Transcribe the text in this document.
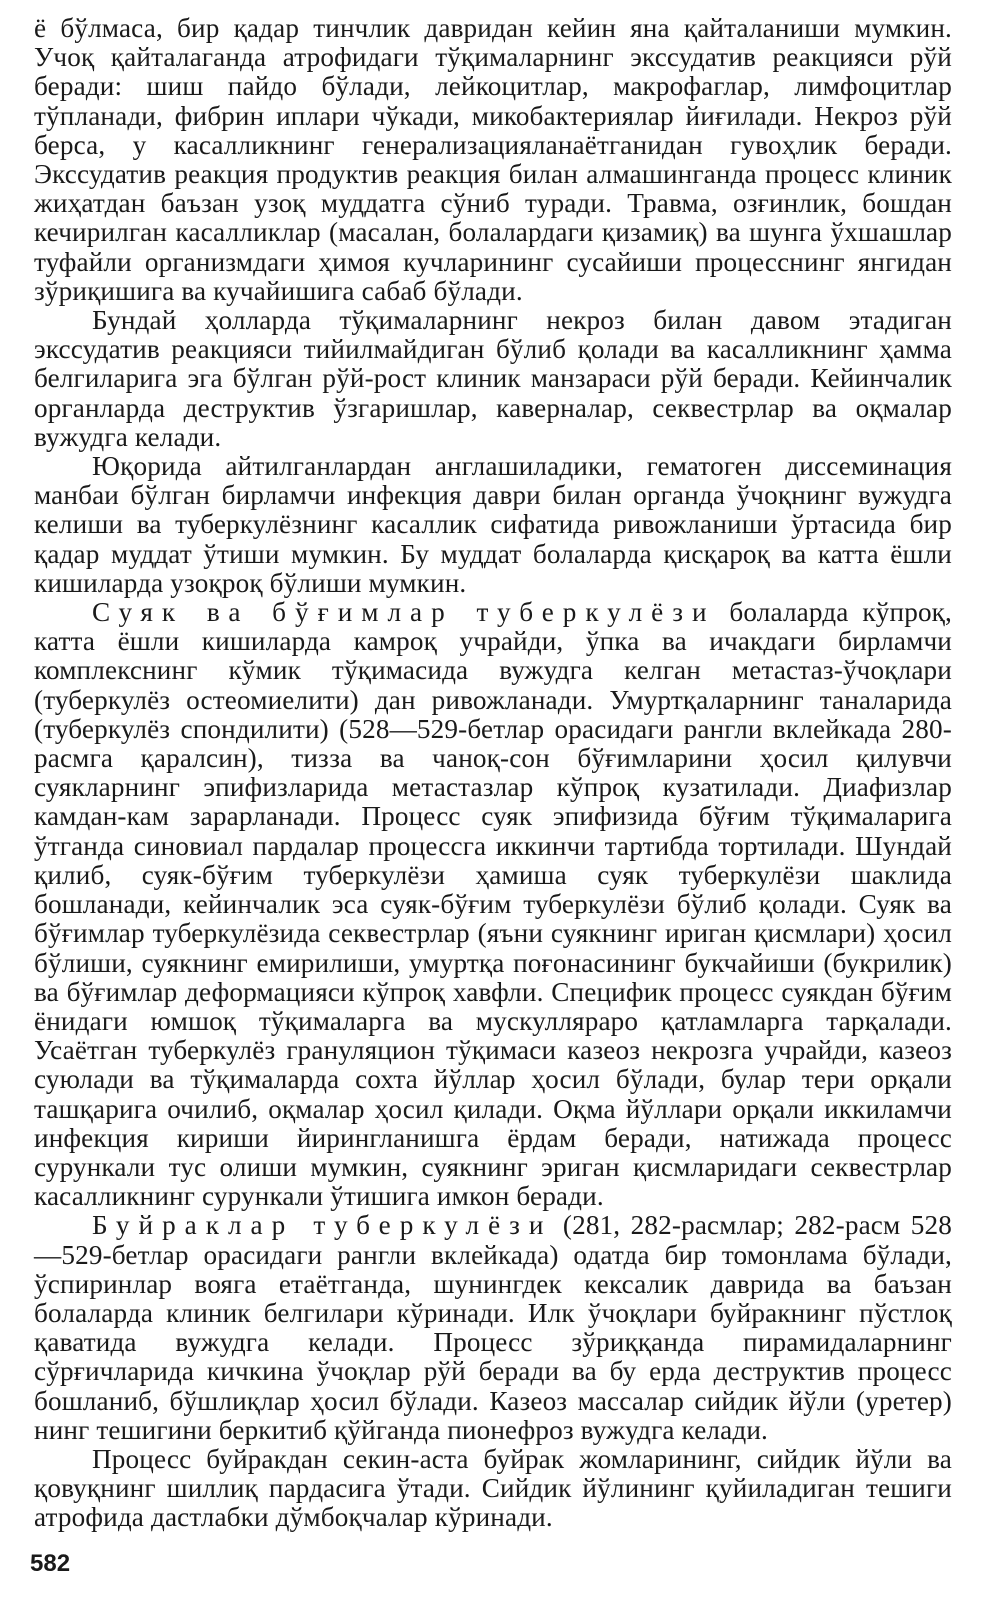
ё бўлмаса, бир қадар тинчлик давридан кейин яна қайталаниши мумкин. Учоқ қайталаганда атрофидаги тўқималарнинг экссудатив реакцияси рўй беради: шиш пайдо бўлади, лейкоцитлар, макрофаглар, лимфоцитлар тўпланади, фибрин иплари чўкади, микобактериялар йиғилади. Некроз рўй берса, у касалликнинг генерализацияланаётганидан гувоҳлик беради. Экссудатив реакция продуктив реакция билан алмашинганда процесс клиник жиҳатдан баъзан узоқ муддатга сўниб туради. Травма, озғинлик, бошдан кечирилган касалликлар (масалан, болалардаги қизамиқ) ва шунга ўхшашлар туфайли организмдаги ҳимоя кучларининг сусайиши процесснинг янгидан зўриқишига ва кучайишига сабаб бўлади.

Бундай ҳолларда тўқималарнинг некроз билан давом этадиган экссудатив реакцияси тийилмайдиган бўлиб қолади ва касалликнинг ҳамма белгиларига эга бўлган рўй-рост клиник манзараси рўй беради. Кейинчалик органларда деструктив ўзгаришлар, каверналар, секвестрлар ва оқмалар вужудга келади.

Юқорида айтилганлардан англашиладики, гематоген диссеминация манбаи бўлган бирламчи инфекция даври билан органда ўчоқнинг вужудга келиши ва туберкулёзнинг касаллик сифатида ривожланиши ўртасида бир қадар муддат ўтиши мумкин. Бу муддат болаларда қисқароқ ва катта ёшли кишиларда узоқроқ бўлиши мумкин.

Суяк ва бўғимлар туберкулёзи болаларда кўпроқ, катта ёшли кишиларда камроқ учрайди, ўпка ва ичакдаги бирламчи комплекснинг кўмик тўқимасида вужудга келган метастаз-ўчоқлари (туберкулёз остеомиелити) дан ривожланади. Умуртқаларнинг таналарида (туберкулёз спондилити) (528—529-бетлар орасидаги рангли вклейкада 280-расмга қаралсин), тизза ва чаноқ-сон бўғимларини ҳосил қилувчи суякларнинг эпифизларида метастазлар кўпроқ кузатилади. Диафизлар камдан-кам зарарланади. Процесс суяк эпифизида бўғим тўқималарига ўтганда синовиал пардалар процессга иккинчи тартибда тортилади. Шундай қилиб, суяк-бўғим туберкулёзи ҳамиша суяк туберкулёзи шаклида бошланади, кейинчалик эса суяк-бўғим туберкулёзи бўлиб қолади. Суяк ва бўғимлар туберкулёзида секвестрлар (яъни суякнинг ириган қисмлари) ҳосил бўлиши, суякнинг емирилиши, умуртқа поғонасининг букчайиши (букрилик) ва бўғимлар деформацияси кўпроқ хавфли. Специфик процесс суякдан бўғим ёнидаги юмшоқ тўқималарга ва мускулляраро қатламларга тарқалади. Усаётган туберкулёз грануляцион тўқимаси казеоз некрозга учрайди, казеоз суюлади ва тўқималарда сохта йўллар ҳосил бўлади, булар тери орқали ташқарига очилиб, оқмалар ҳосил қилади. Оқма йўллари орқали иккиламчи инфекция кириши йирингланишга ёрдам беради, натижада процесс сурункали тус олиши мумкин, суякнинг эриган қисмларидаги секвестрлар касалликнинг сурункали ўтишига имкон беради.

Буйраклар туберкулёзи (281, 282-расмлар; 282-расм 528—529-бетлар орасидаги рангли вклейкада) одатда бир томонлама бўлади, ўспиринлар вояга етаётганда, шунингдек кексалик даврида ва баъзан болаларда клиник белгилари кўринади. Илк ўчоқлари буйракнинг пўстлоқ қаватида вужудга келади. Процесс зўриққанда пирамидаларнинг сўрғичларида кичкина ўчоқлар рўй беради ва бу ерда деструктив процесс бошланиб, бўшлиқлар ҳосил бўлади. Казеоз массалар сийдик йўли (уретер) нинг тешигини беркитиб қўйганда пионефроз вужудга келади.

Процесс буйракдан секин-аста буйрак жомларининг, сийдик йўли ва қовуқнинг шиллиқ пардасига ўтади. Сийдик йўлининг қуйиладиган тешиги атрофида дастлабки дўмбоқчалар кўринади.

582
